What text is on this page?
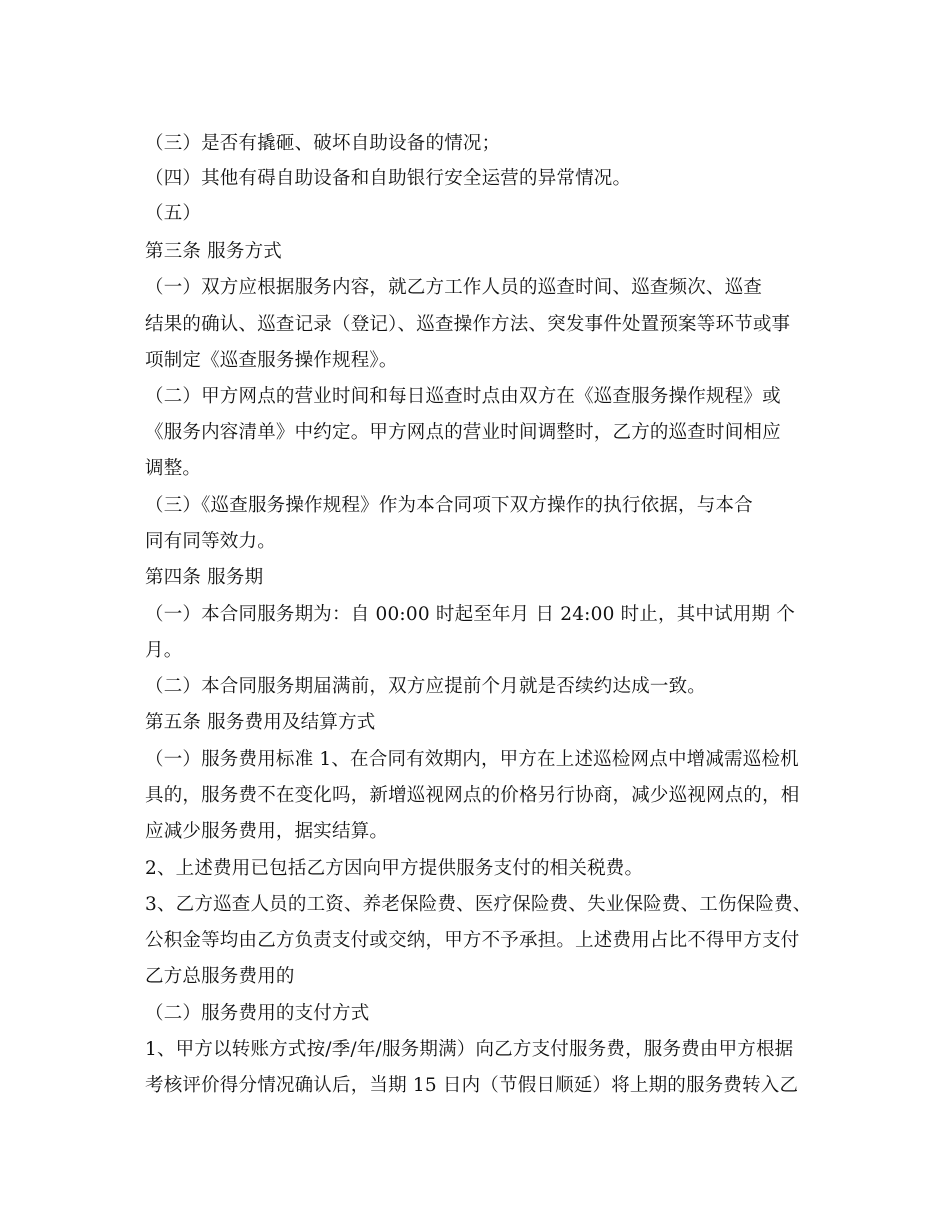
（三）是否有撬砸、破坏自助设备的情况；
（四）其他有碍自助设备和自助银行安全运营的异常情况。
（五）
第三条 服务方式
（一）双方应根据服务内容，就乙方工作人员的巡查时间、巡查频次、巡查
结果的确认、巡查记录（登记）、巡查操作方法、突发事件处置预案等环节或事
项制定《巡查服务操作规程》。
（二）甲方网点的营业时间和每日巡查时点由双方在《巡查服务操作规程》或
《服务内容清单》中约定。甲方网点的营业时间调整时，乙方的巡查时间相应
调整。
（三）《巡查服务操作规程》作为本合同项下双方操作的执行依据，与本合
同有同等效力。
第四条 服务期
（一）本合同服务期为：自 00:00 时起至年月 日 24:00 时止，其中试用期 个
月。
（二）本合同服务期届满前，双方应提前个月就是否续约达成一致。
第五条 服务费用及结算方式
（一）服务费用标准 1、在合同有效期内，甲方在上述巡检网点中增减需巡检机
具的，服务费不在变化吗，新增巡视网点的价格另行协商，减少巡视网点的，相
应减少服务费用，据实结算。
2、上述费用已包括乙方因向甲方提供服务支付的相关税费。
3、乙方巡查人员的工资、养老保险费、医疗保险费、失业保险费、工伤保险费、
公积金等均由乙方负责支付或交纳，甲方不予承担。上述费用占比不得甲方支付
乙方总服务费用的
（二）服务费用的支付方式
1、甲方以转账方式按/季/年/服务期满）向乙方支付服务费，服务费由甲方根据
考核评价得分情况确认后，当期 15 日内（节假日顺延）将上期的服务费转入乙
